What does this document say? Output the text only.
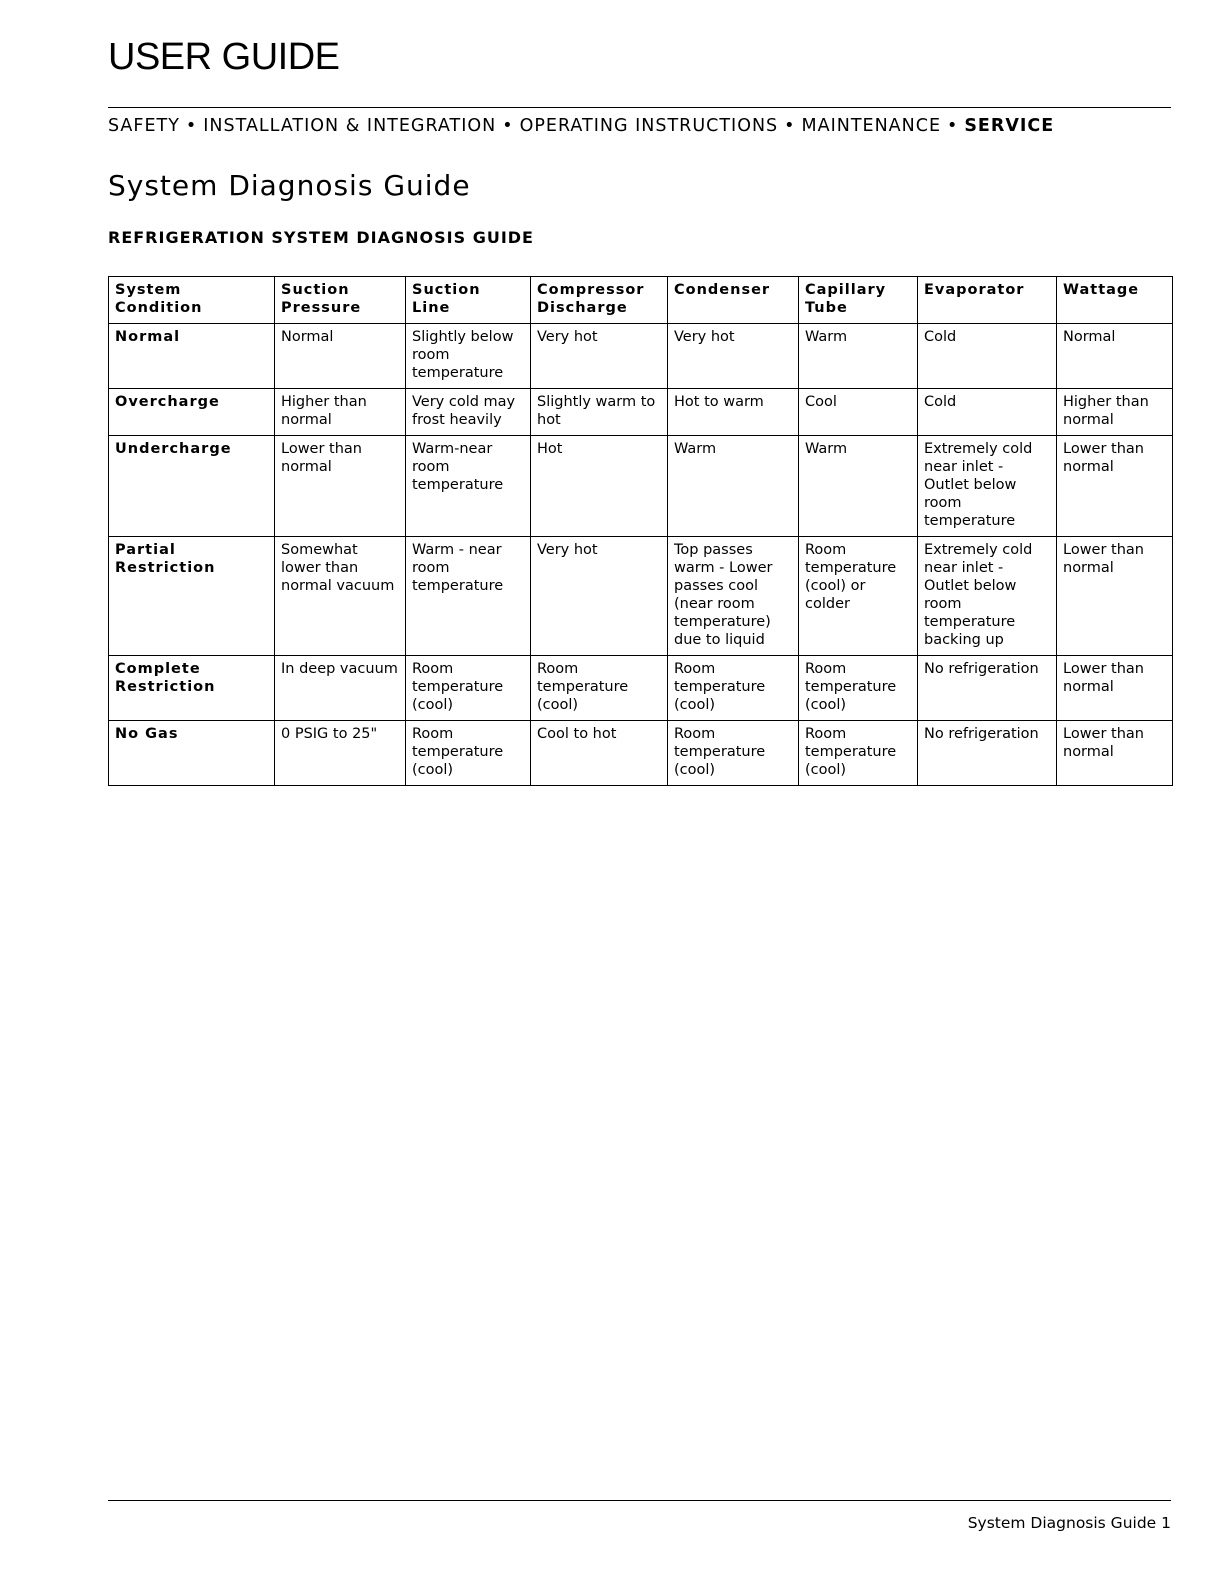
USER GUIDE
SAFETY • INSTALLATION & INTEGRATION • OPERATING INSTRUCTIONS • MAINTENANCE • SERVICE
System Diagnosis Guide
REFRIGERATION SYSTEM DIAGNOSIS GUIDE
System Condition	Suction Pressure	Suction Line	Compressor Discharge	Condenser	Capillary Tube	Evaporator	Wattage
Normal	Normal	Slightly below room temperature	Very hot	Very hot	Warm	Cold	Normal
Overcharge	Higher than normal	Very cold may frost heavily	Slightly warm to hot	Hot to warm	Cool	Cold	Higher than normal
Undercharge	Lower than normal	Warm-near room temperature	Hot	Warm	Warm	Extremely cold near inlet - Outlet below room temperature	Lower than normal
Partial Restriction	Somewhat lower than normal vacuum	Warm - near room temperature	Very hot	Top passes warm - Lower passes cool (near room temperature) due to liquid	Room temperature (cool) or colder	Extremely cold near inlet - Outlet below room temperature backing up	Lower than normal
Complete Restriction	In deep vacuum	Room temperature (cool)	Room temperature (cool)	Room temperature (cool)	Room temperature (cool)	No refrigeration	Lower than normal
No Gas	0 PSIG to 25"	Room temperature (cool)	Cool to hot	Room temperature (cool)	Room temperature (cool)	No refrigeration	Lower than normal
System Diagnosis Guide 1
